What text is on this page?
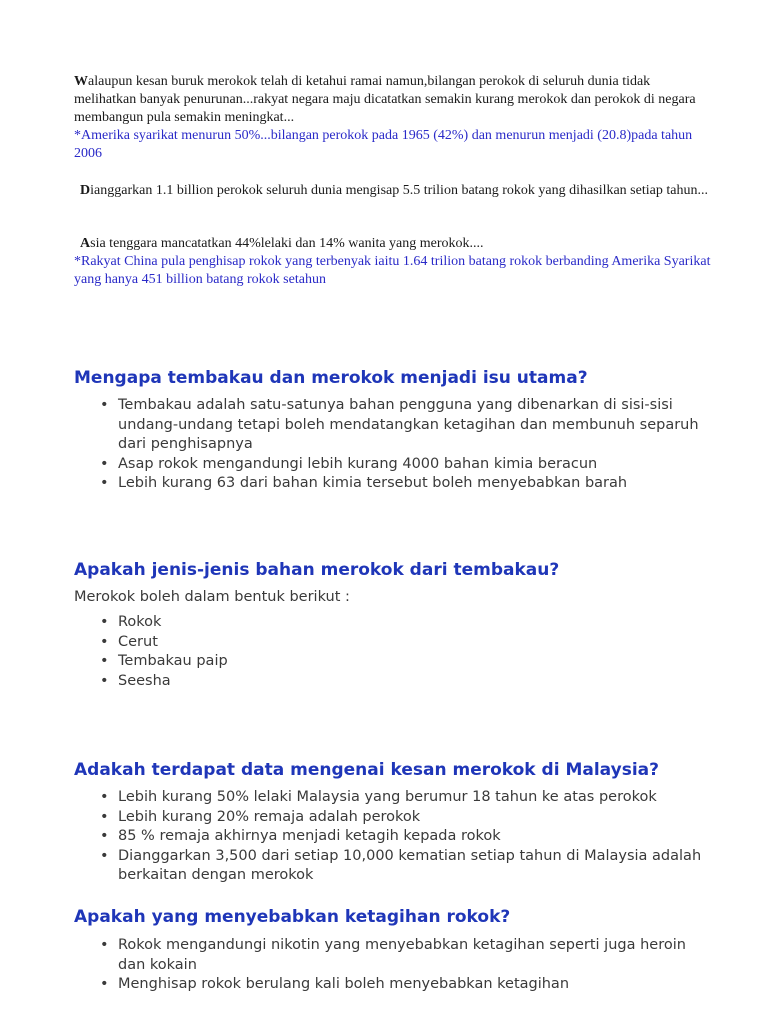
Walaupun kesan buruk merokok telah di ketahui ramai namun,bilangan perokok di seluruh dunia tidak melihatkan banyak penurunan...rakyat negara maju dicatatkan semakin kurang merokok dan perokok di negara membangun pula semakin meningkat...
*Amerika syarikat menurun 50%...bilangan perokok pada 1965 (42%) dan menurun menjadi (20.8)pada tahun 2006
Dianggarkan 1.1 billion perokok seluruh dunia mengisap 5.5 trilion batang rokok yang dihasilkan setiap tahun...
Asia tenggara mancatatkan 44%lelaki dan 14% wanita yang merokok....
*Rakyat China pula penghisap rokok yang terbenyak iaitu 1.64 trilion batang rokok berbanding Amerika Syarikat yang hanya 451 billion batang rokok setahun
Mengapa tembakau dan merokok menjadi isu utama?
• Tembakau adalah satu-satunya bahan pengguna yang dibenarkan di sisi-sisi undang-undang tetapi boleh mendatangkan ketagihan dan membunuh separuh dari penghisapnya
• Asap rokok mengandungi lebih kurang 4000 bahan kimia beracun
• Lebih kurang 63 dari bahan kimia tersebut boleh menyebabkan barah
Apakah jenis-jenis bahan merokok dari tembakau?
Merokok boleh dalam bentuk berikut :
• Rokok
• Cerut
• Tembakau paip
• Seesha
Adakah terdapat data mengenai kesan merokok di Malaysia?
• Lebih kurang 50% lelaki Malaysia yang berumur 18 tahun ke atas perokok
• Lebih kurang 20% remaja adalah perokok
• 85 % remaja akhirnya menjadi ketagih kepada rokok
• Dianggarkan 3,500 dari setiap 10,000 kematian setiap tahun di Malaysia adalah berkaitan dengan merokok
Apakah yang menyebabkan ketagihan rokok?
• Rokok mengandungi nikotin yang menyebabkan ketagihan seperti juga heroin dan kokain
• Menghisap rokok berulang kali boleh menyebabkan ketagihan
